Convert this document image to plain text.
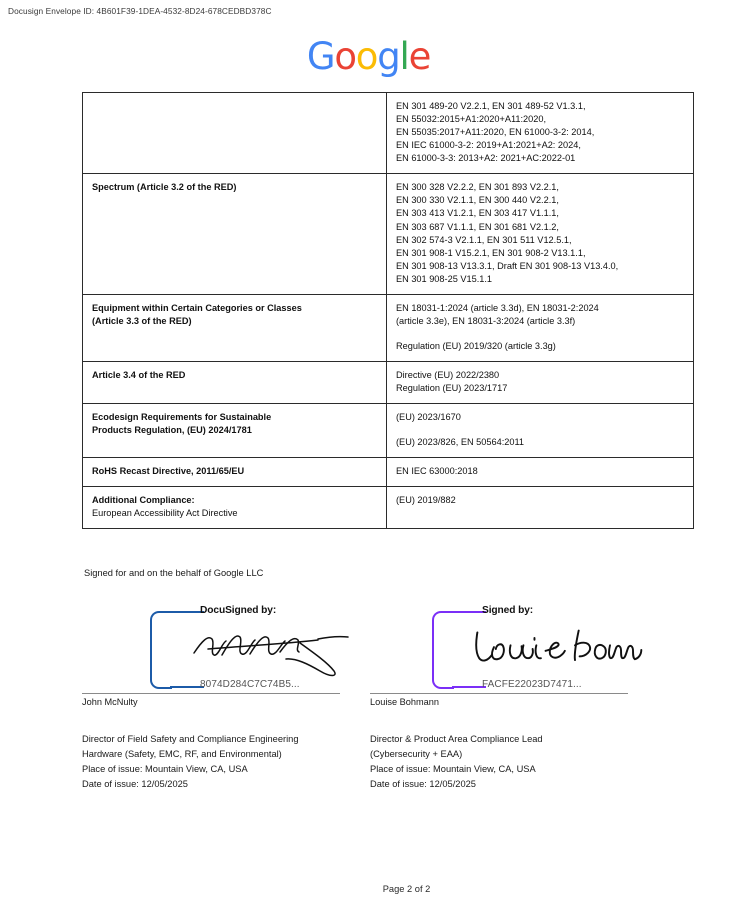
Docusign Envelope ID: 4B601F39-1DEA-4532-8D24-678CEDBD378C
Google

	EN 301 489-20 V2.2.1, EN 301 489-52 V1.3.1,
EN 55032:2015+A1:2020+A11:2020,
EN 55035:2017+A11:2020, EN 61000-3-2: 2014,
EN IEC 61000-3-2: 2019+A1:2021+A2: 2024,
EN 61000-3-3: 2013+A2: 2021+AC:2022-01

Spectrum (Article 3.2 of the RED)	EN 300 328 V2.2.2, EN 301 893 V2.2.1,
EN 300 330 V2.1.1, EN 300 440 V2.2.1,
EN 303 413 V1.2.1, EN 303 417 V1.1.1,
EN 303 687 V1.1.1, EN 301 681 V2.1.2,
EN 302 574-3 V2.1.1, EN 301 511 V12.5.1,
EN 301 908-1 V15.2.1, EN 301 908-2 V13.1.1,
EN 301 908-13 V13.3.1, Draft EN 301 908-13 V13.4.0,
EN 301 908-25 V15.1.1

Equipment within Certain Categories or Classes
(Article 3.3 of the RED)	EN 18031-1:2024 (article 3.3d), EN 18031-2:2024
(article 3.3e), EN 18031-3:2024 (article 3.3f)
Regulation (EU) 2019/320 (article 3.3g)

Article 3.4 of the RED	Directive (EU) 2022/2380
Regulation (EU) 2023/1717

Ecodesign Requirements for Sustainable
Products Regulation, (EU) 2024/1781	(EU) 2023/1670
(EU) 2023/826, EN 50564:2011

RoHS Recast Directive, 2011/65/EU	EN IEC 63000:2018

Additional Compliance:
European Accessibility Act Directive	(EU) 2019/882
Signed for and on the behalf of Google LLC
DocuSigned by:
8074D284C7C74B5...
John McNulty
Signed by:
FACFE22023D7471...
Louise Bohmann
Director of Field Safety and Compliance Engineering
Hardware (Safety, EMC, RF, and Environmental)
Place of issue: Mountain View, CA, USA
Date of issue: 12/05/2025
Director & Product Area Compliance Lead
(Cybersecurity + EAA)
Place of issue: Mountain View, CA, USA
Date of issue: 12/05/2025
Page 2 of 2
